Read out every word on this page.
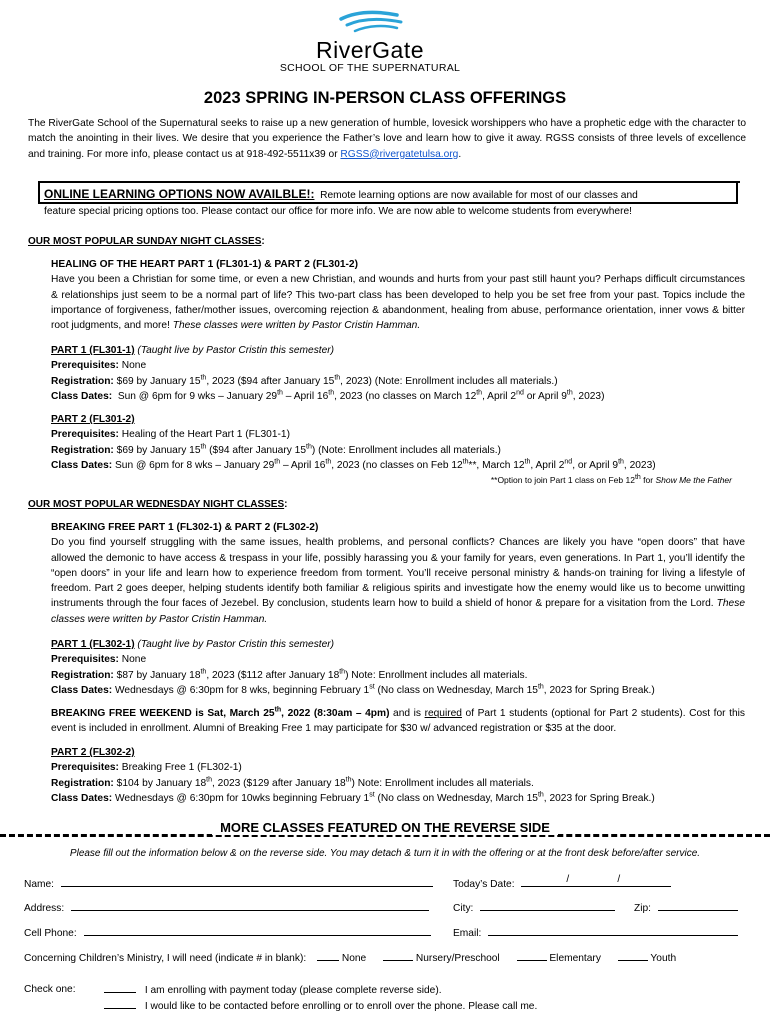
RiverGate
SCHOOL OF THE SUPERNATURAL
2023 SPRING IN-PERSON CLASS OFFERINGS

The RiverGate School of the Supernatural seeks to raise up a new generation of humble, lovesick worshippers who have a prophetic edge with the character to match the anointing in their lives. We desire that you experience the Father’s love and learn how to give it away. RGSS consists of three levels of excellence and training. For more info, please contact us at 918-492-5511x39 or RGSS@rivergatetulsa.org.

ONLINE LEARNING OPTIONS NOW AVAILBLE!: Remote learning options are now available for most of our classes and
feature special pricing options too. Please contact our office for more info. We are now able to welcome students from everywhere!
OUR MOST POPULAR SUNDAY NIGHT CLASSES:
HEALING OF THE HEART PART 1 (FL301-1) & PART 2 (FL301-2)

Have you been a Christian for some time, or even a new Christian, and wounds and hurts from your past still haunt you? Perhaps difficult circumstances & relationships just seem to be a normal part of life? This two-part class has been developed to help you be set free from your past. Topics include the importance of forgiveness, father/mother issues, overcoming rejection & abandonment, healing from abuse, performance orientation, inner vows & bitter root judgments, and more! These classes were written by Pastor Cristin Hamman.

PART 1 (FL301-1) (Taught live by Pastor Cristin this semester)
Prerequisites: None
Registration: $69 by January 15th, 2023 ($94 after January 15th, 2023) (Note: Enrollment includes all materials.)
Class Dates:  Sun @ 6pm for 9 wks – January 29th – April 16th, 2023 (no classes on March 12th, April 2nd or April 9th, 2023)
PART 2 (FL301-2)
Prerequisites: Healing of the Heart Part 1 (FL301-1)
Registration: $69 by January 15th ($94 after January 15th) (Note: Enrollment includes all materials.)
Class Dates: Sun @ 6pm for 8 wks – January 29th – April 16th, 2023 (no classes on Feb 12th**, March 12th, April 2nd, or April 9th, 2023)
**Option to join Part 1 class on Feb 12th for Show Me the Father
OUR MOST POPULAR WEDNESDAY NIGHT CLASSES:
BREAKING FREE PART 1 (FL302-1) & PART 2 (FL302-2)

Do you find yourself struggling with the same issues, health problems, and personal conflicts? Chances are likely you have “open doors” that have allowed the demonic to have access & trespass in your life, possibly harassing you & your family for years, even generations. In Part 1, you’ll identify the “open doors” in your life and learn how to experience freedom from torment. You’ll receive personal ministry & hands-on training for living a lifestyle of freedom. Part 2 goes deeper, helping students identify both familiar & religious spirits and investigate how the enemy would like us to become unwitting instruments through the four faces of Jezebel. By conclusion, students learn how to build a shield of honor & prepare for a visitation from the Lord. These classes were written by Pastor Cristin Hamman.

PART 1 (FL302-1) (Taught live by Pastor Cristin this semester)
Prerequisites: None
Registration: $87 by January 18th, 2023 ($112 after January 18th) Note: Enrollment includes all materials.
Class Dates: Wednesdays @ 6:30pm for 8 wks, beginning February 1st (No class on Wednesday, March 15th, 2023 for Spring Break.)

BREAKING FREE WEEKEND is Sat, March 25th, 2022 (8:30am – 4pm) and is required of Part 1 students (optional for Part 2 students). Cost for this event is included in enrollment. Alumni of Breaking Free 1 may participate for $30 w/ advanced registration or $35 at the door.

PART 2 (FL302-2)
Prerequisites: Breaking Free 1 (FL302-1)
Registration: $104 by January 18th, 2023 ($129 after January 18th) Note: Enrollment includes all materials.
Class Dates: Wednesdays @ 6:30pm for 10wks beginning February 1st (No class on Wednesday, March 15th, 2023 for Spring Break.)
MORE CLASSES FEATURED ON THE REVERSE SIDE
Please fill out the information below & on the reverse side. You may detach & turn it in with the offering or at the front desk before/after service.
Name:	Today’s Date:	/	/
Address:	City:	Zip:
Cell Phone:	Email:
Concerning Children’s Ministry, I will need (indicate # in blank):	None	Nursery/Preschool	Elementary	Youth
Check one:	I am enrolling with payment today (please complete reverse side).
I would like to be contacted before enrolling or to enroll over the phone. Please call me.
